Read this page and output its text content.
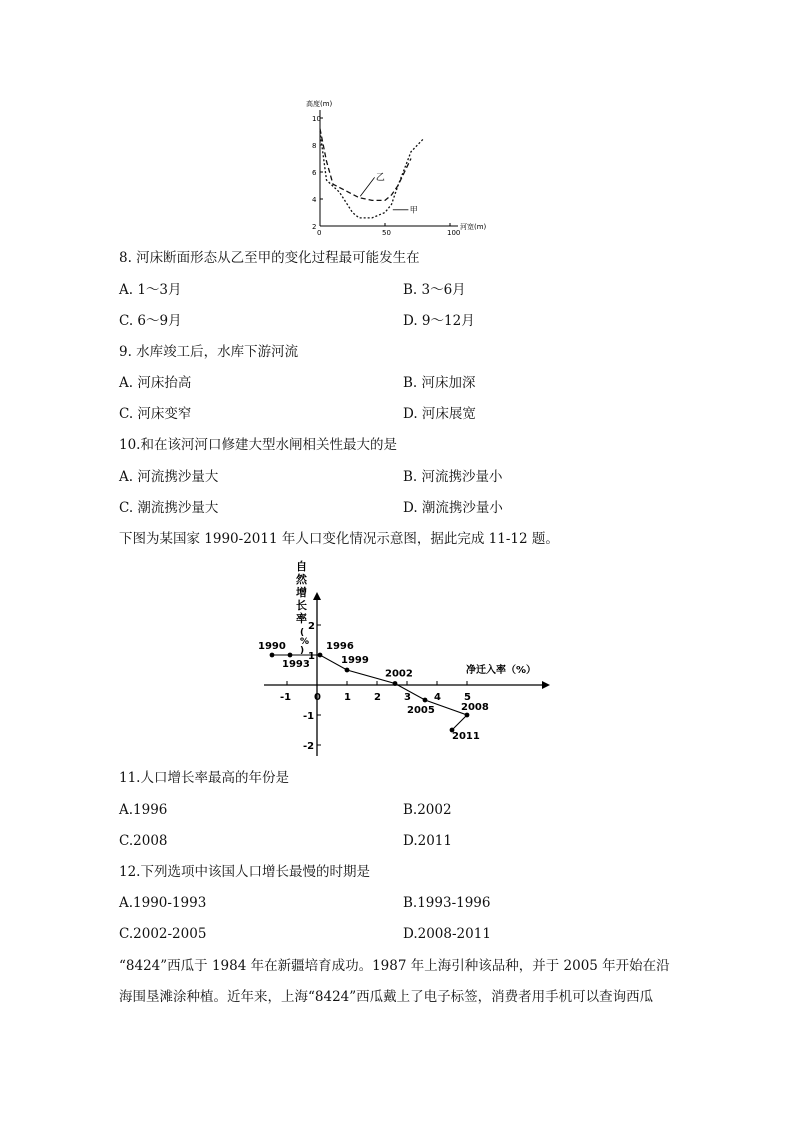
高度(m)
河宽(m)
10
8
6
4
2
0	50	100
乙
甲
8. 河床断面形态从乙至甲的变化过程最可能发生在
A. 1～3月	B. 3～6月
C. 6～9月	D. 9～12月
9. 水库竣工后，水库下游河流
A. 河床抬高	B. 河床加深
C. 河床变窄	D. 河床展宽
10.和在该河河口修建大型水闸相关性最大的是
A. 河流携沙量大	B. 河流携沙量小
C. 潮流携沙量大	D. 潮流携沙量小
下图为某国家 1990-2011 年人口变化情况示意图，据此完成 11-12 题。
自
然
增
长
率
(
%
)
净迁入率（%）
-1 0 1 2 3 4 5
2
1
-1
-2
1990
1993
1996
1999
2002
2005	2008
2011
11.人口增长率最高的年份是
A.1996	B.2002
C.2008	D.2011
12.下列选项中该国人口增长最慢的时期是
A.1990-1993	B.1993-1996
C.2002-2005	D.2008-2011
“8424”西瓜于 1984 年在新疆培育成功。1987 年上海引种该品种，并于 2005 年开始在沿
海围垦滩涂种植。近年来，上海“8424”西瓜戴上了电子标签，消费者用手机可以查询西瓜
